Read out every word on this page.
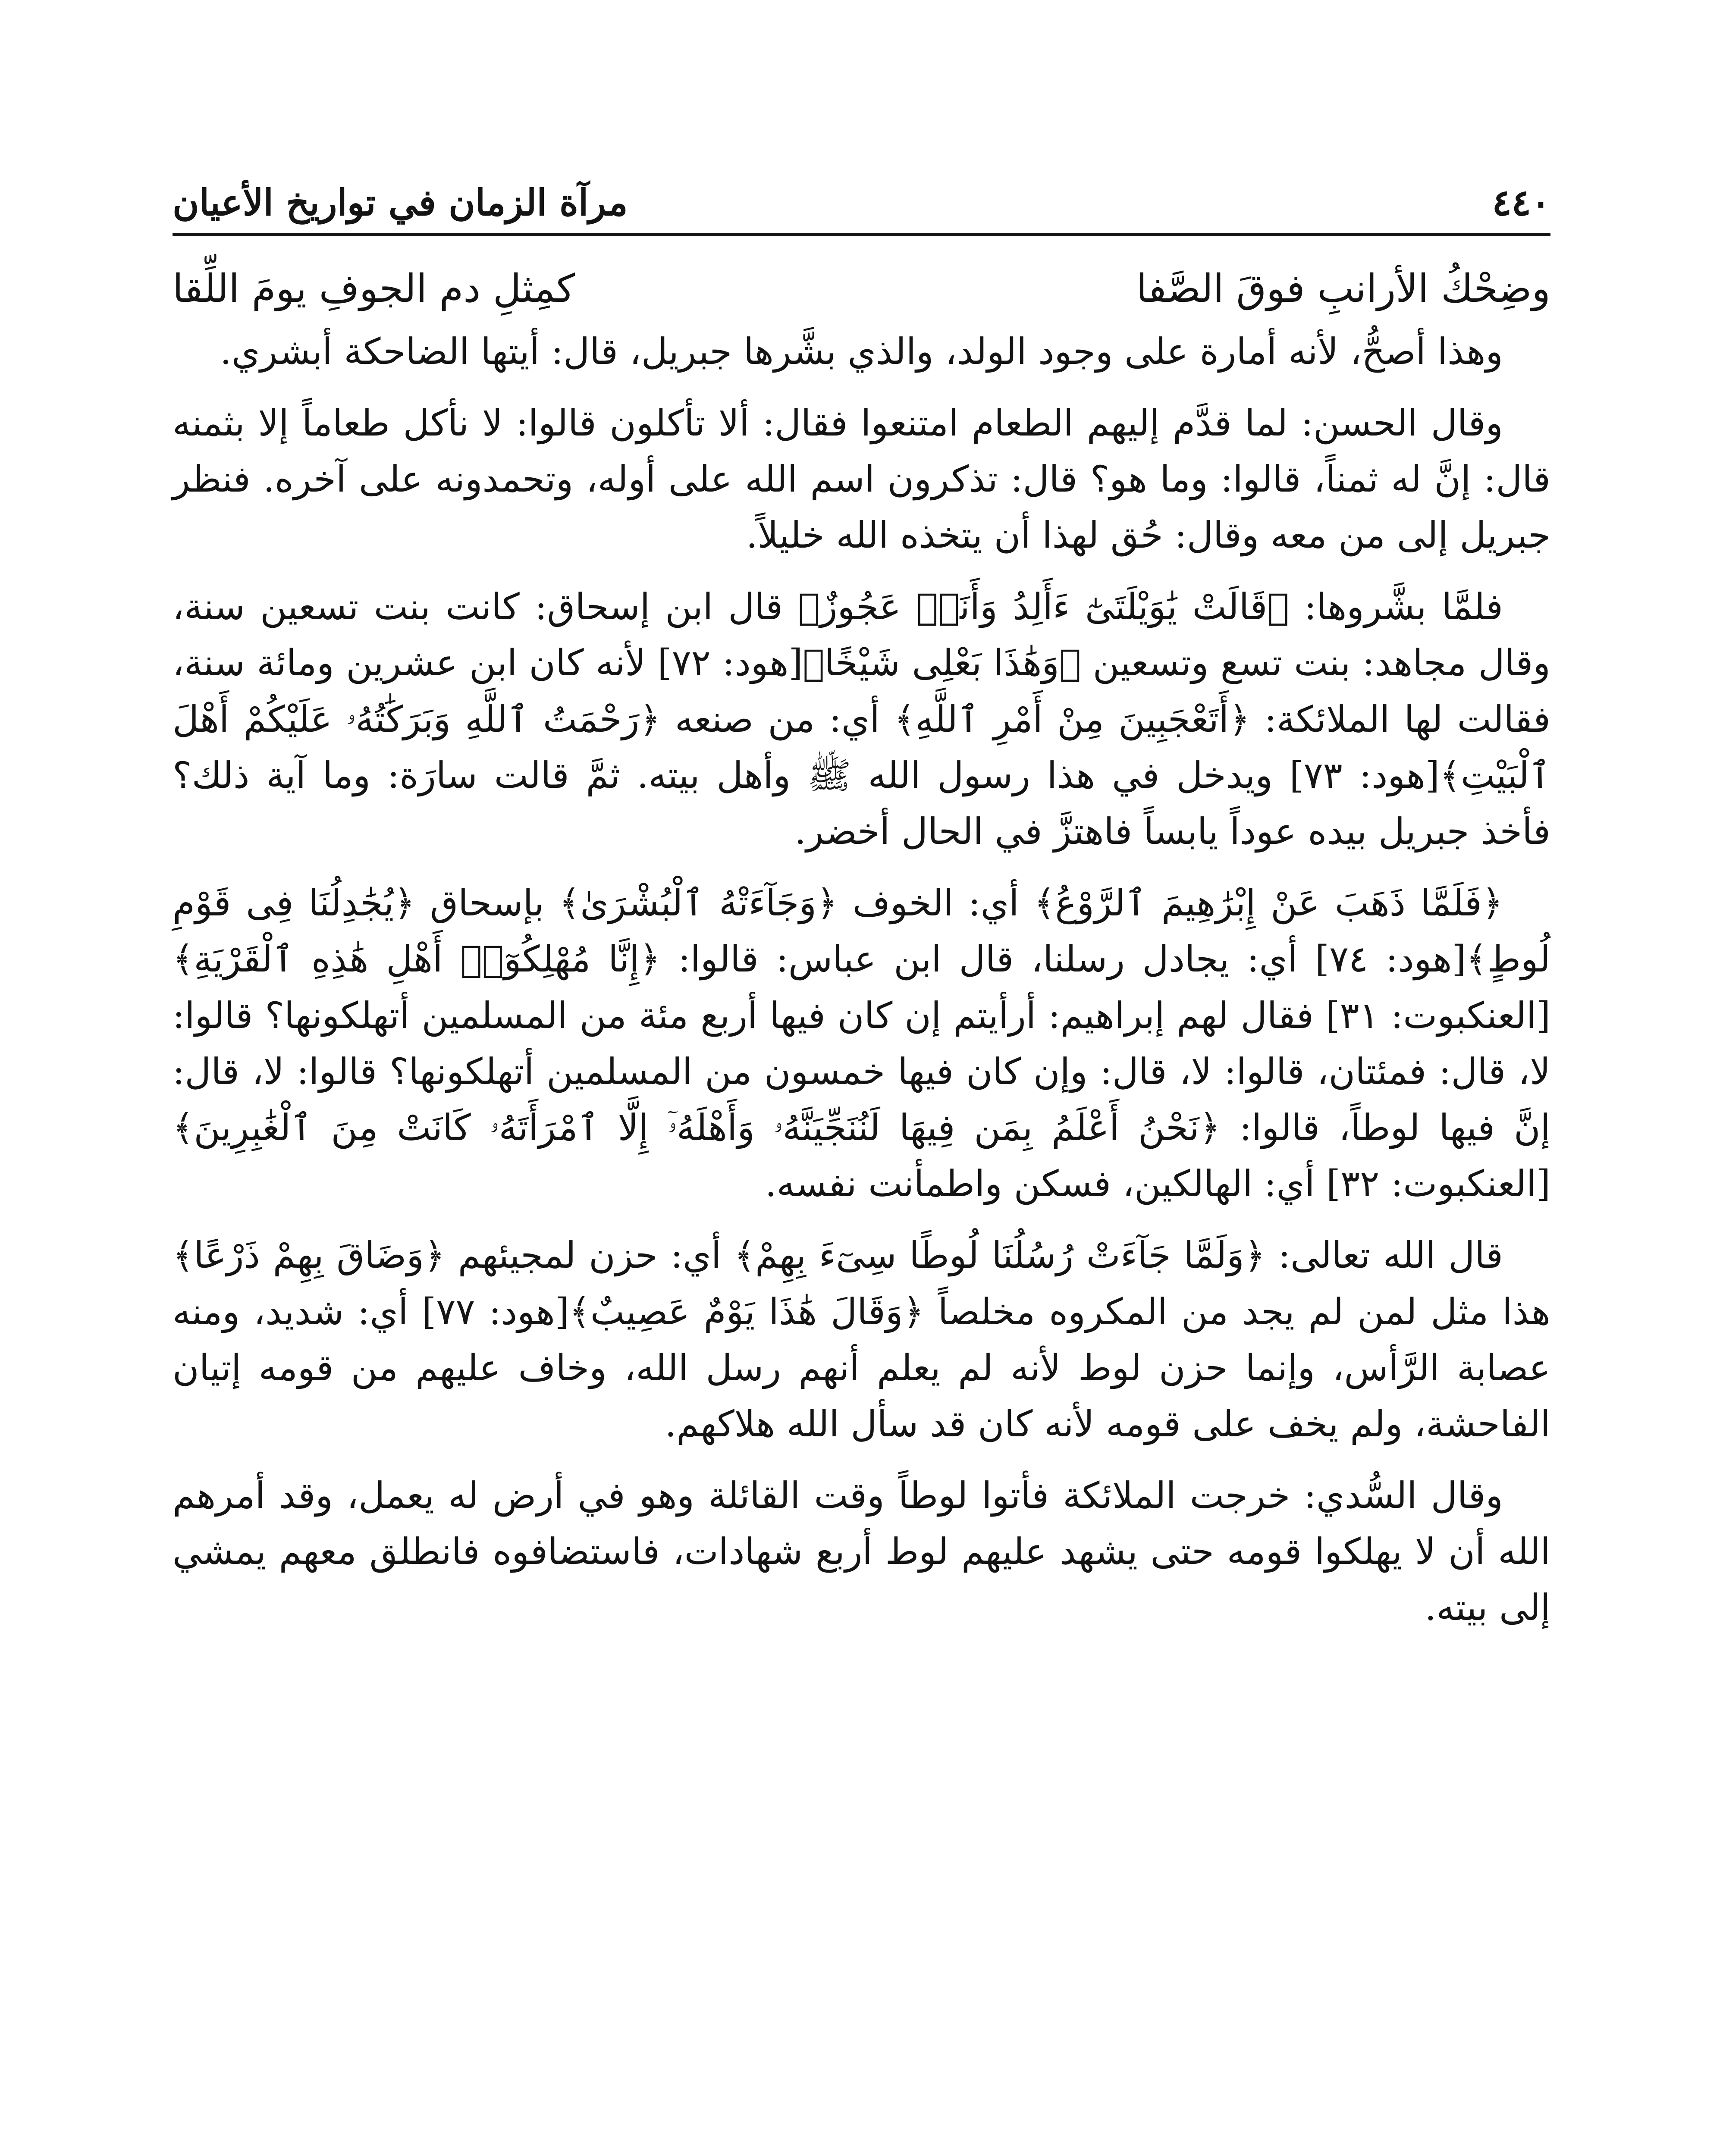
٤٤٠
مرآة الزمان في تواريخ الأعيان
وضِحْكُ الأرانبِ فوقَ الصَّفا
كمِثلِ دم الجوفِ يومَ اللِّقا

وهذا أصحُّ، لأنه أمارة على وجود الولد، والذي بشَّرها جبريل، قال: أيتها الضاحكة أبشري.

وقال الحسن: لما قدَّم إليهم الطعام امتنعوا فقال: ألا تأكلون قالوا: لا نأكل طعاماً إلا بثمنه قال: إنَّ له ثمناً، قالوا: وما هو؟ قال: تذكرون اسم الله على أوله، وتحمدونه على آخره. فنظر جبريل إلى من معه وقال: حُق لهذا أن يتخذه الله خليلاً.

فلمَّا بشَّروها: ﴿قَالَتْ يَٰوَيْلَتَىٰٓ ءَأَلِدُ وَأَنَا۠ عَجُوزٌ﴾ قال ابن إسحاق: كانت بنت تسعين سنة، وقال مجاهد: بنت تسع وتسعين ﴿وَهَٰذَا بَعْلِى شَيْخًا﴾[هود: ٧٢] لأنه كان ابن عشرين ومائة سنة، فقالت لها الملائكة: ﴿أَتَعْجَبِينَ مِنْ أَمْرِ ٱللَّهِ﴾ أي: من صنعه ﴿رَحْمَتُ ٱللَّهِ وَبَرَكَٰتُهُۥ عَلَيْكُمْ أَهْلَ ٱلْبَيْتِ﴾[هود: ٧٣] ويدخل في هذا رسول الله ﷺ وأهل بيته. ثمَّ قالت سارَة: وما آية ذلك؟ فأخذ جبريل بيده عوداً يابساً فاهتزَّ في الحال أخضر.

﴿فَلَمَّا ذَهَبَ عَنْ إِبْرَٰهِيمَ ٱلرَّوْعُ﴾ أي: الخوف ﴿وَجَآءَتْهُ ٱلْبُشْرَىٰ﴾ بإسحاق ﴿يُجَٰدِلُنَا فِى قَوْمِ لُوطٍ﴾[هود: ٧٤] أي: يجادل رسلنا، قال ابن عباس: قالوا: ﴿إِنَّا مُهْلِكُوٓا۟ أَهْلِ هَٰذِهِ ٱلْقَرْيَةِ﴾ [العنكبوت: ٣١] فقال لهم إبراهيم: أرأيتم إن كان فيها أربع مئة من المسلمين أتهلكونها؟ قالوا: لا، قال: فمئتان، قالوا: لا، قال: وإن كان فيها خمسون من المسلمين أتهلكونها؟ قالوا: لا، قال: إنَّ فيها لوطاً، قالوا: ﴿نَحْنُ أَعْلَمُ بِمَن فِيهَا لَنُنَجِّيَنَّهُۥ وَأَهْلَهُۥٓ إِلَّا ٱمْرَأَتَهُۥ كَانَتْ مِنَ ٱلْغَٰبِرِينَ﴾[العنكبوت: ٣٢] أي: الهالكين، فسكن واطمأنت نفسه.

قال الله تعالى: ﴿وَلَمَّا جَآءَتْ رُسُلُنَا لُوطًا سِىٓءَ بِهِمْ﴾ أي: حزن لمجيئهم ﴿وَضَاقَ بِهِمْ ذَرْعًا﴾ هذا مثل لمن لم يجد من المكروه مخلصاً ﴿وَقَالَ هَٰذَا يَوْمٌ عَصِيبٌ﴾[هود: ٧٧] أي: شديد، ومنه عصابة الرَّأس، وإنما حزن لوط لأنه لم يعلم أنهم رسل الله، وخاف عليهم من قومه إتيان الفاحشة، ولم يخف على قومه لأنه كان قد سأل الله هلاكهم.

وقال السُّدي: خرجت الملائكة فأتوا لوطاً وقت القائلة وهو في أرض له يعمل، وقد أمرهم الله أن لا يهلكوا قومه حتى يشهد عليهم لوط أربع شهادات، فاستضافوه فانطلق معهم يمشي إلى بيته.
